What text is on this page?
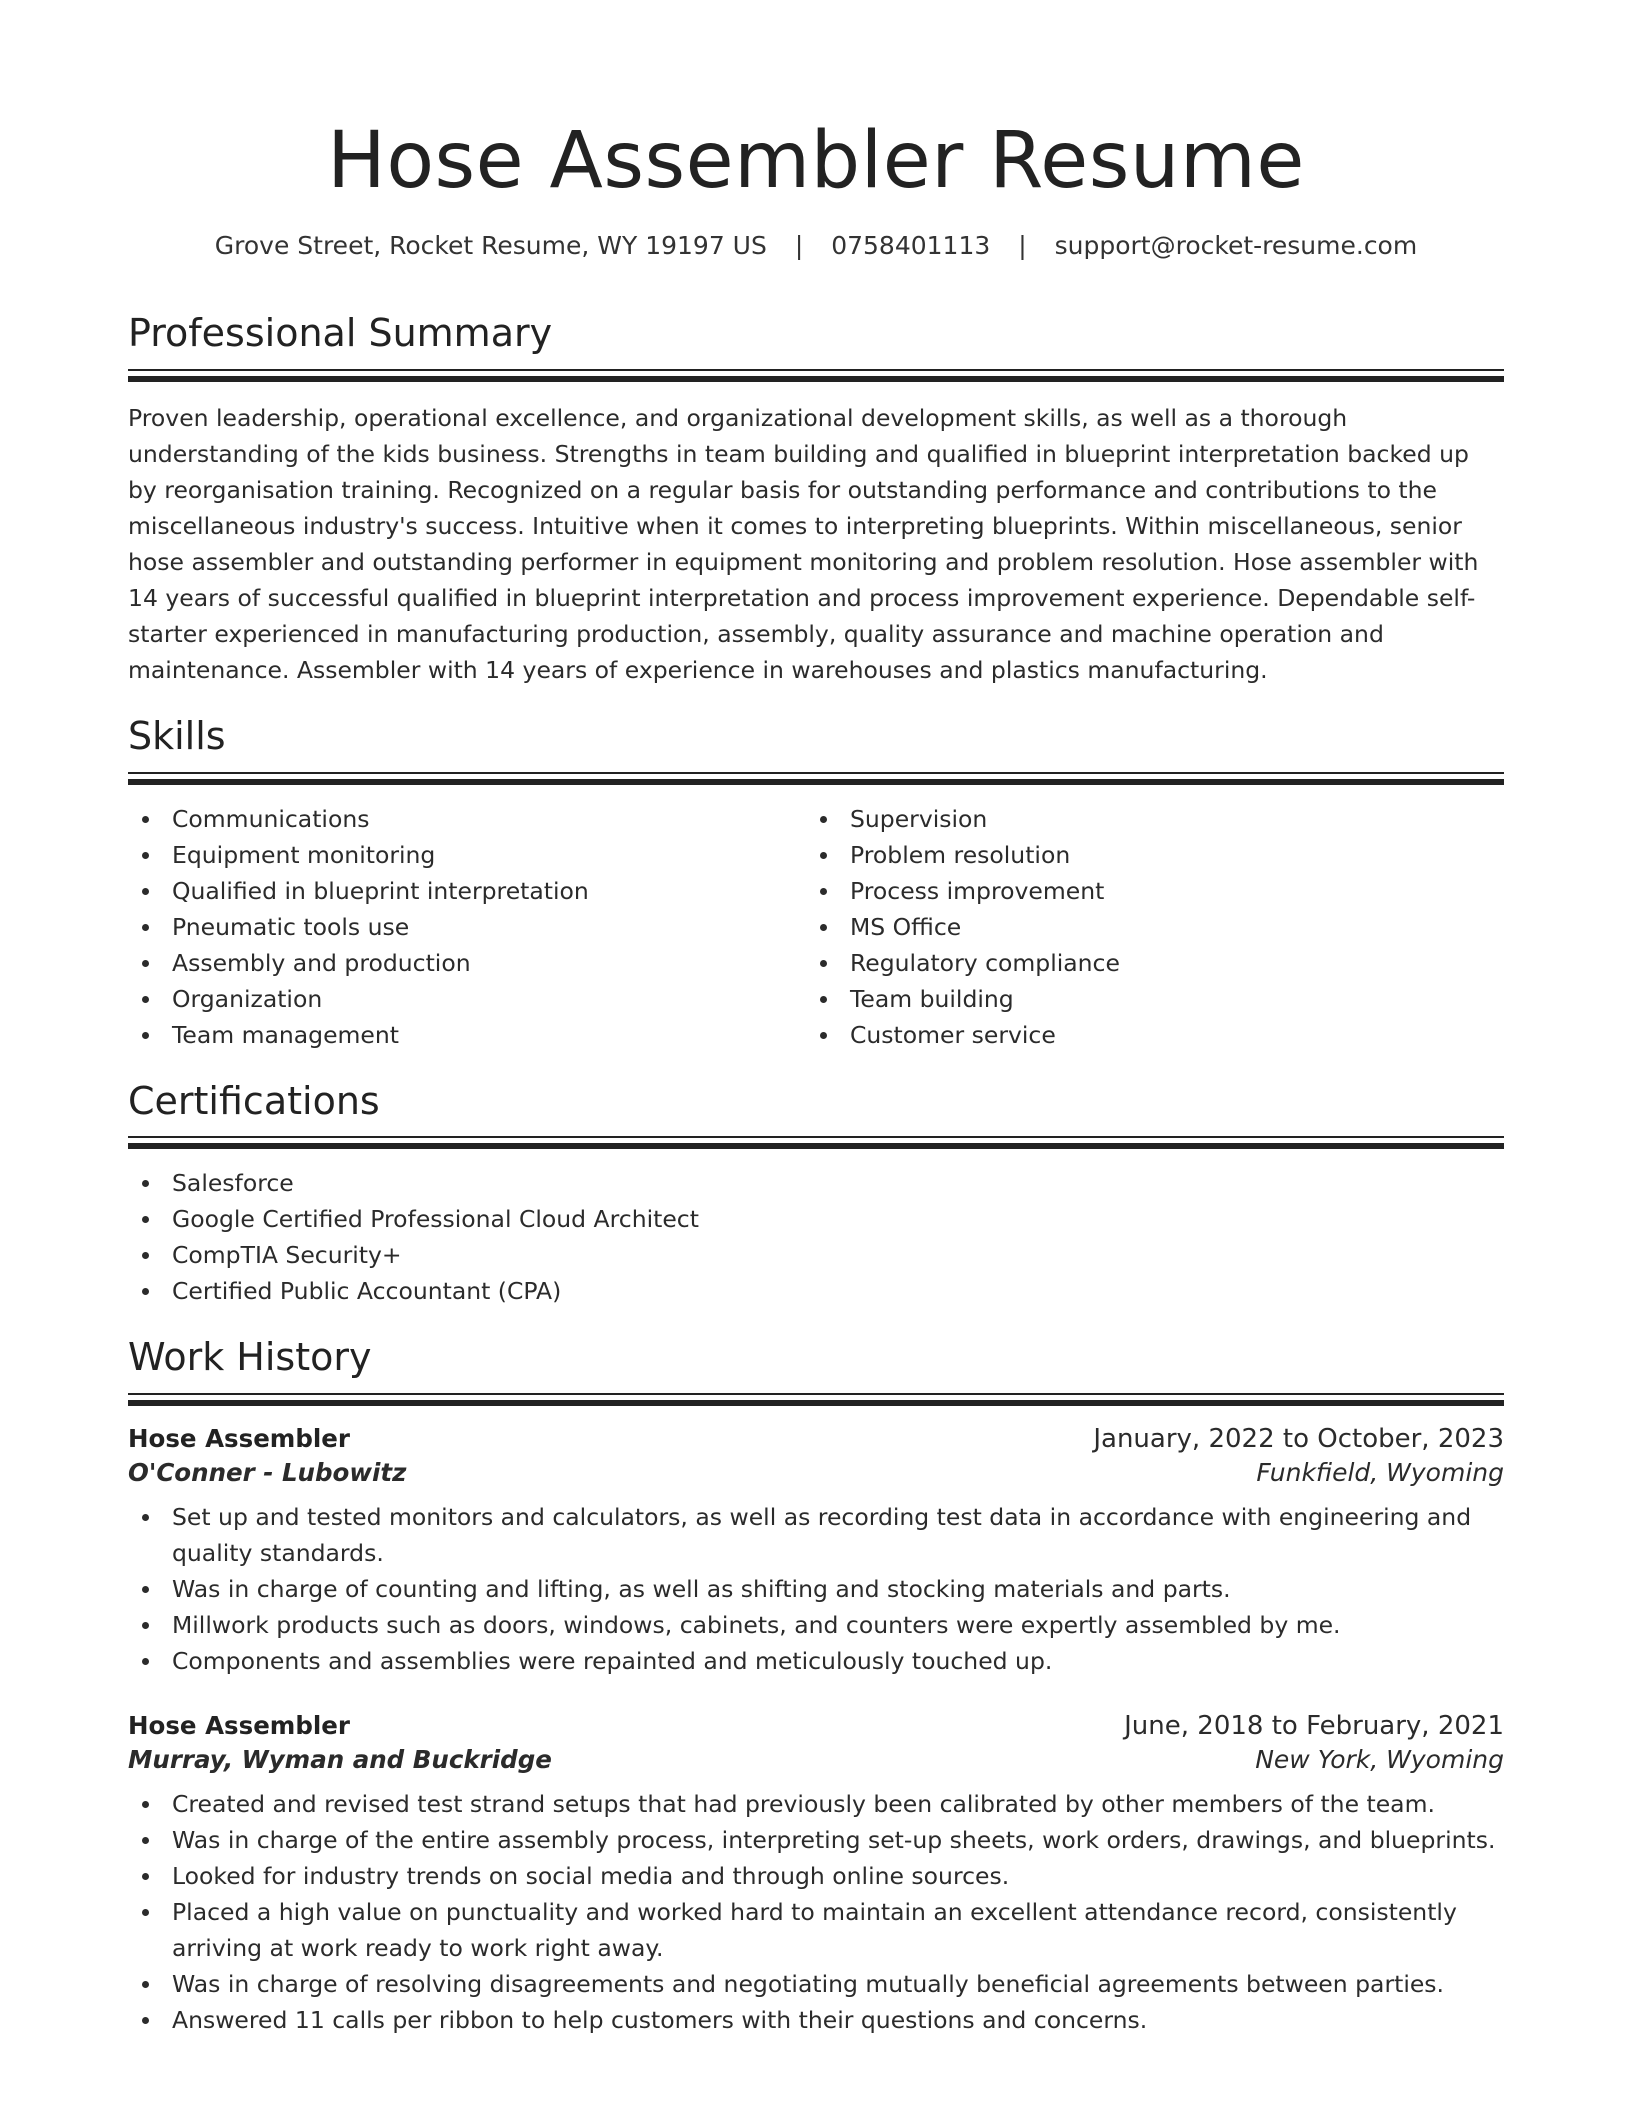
Hose Assembler Resume
Grove Street, Rocket Resume, WY 19197 US | 0758401113 | support@rocket-resume.com
Professional Summary

Proven leadership, operational excellence, and organizational development skills, as well as a thorough understanding of the kids business. Strengths in team building and qualified in blueprint interpretation backed up by reorganisation training. Recognized on a regular basis for outstanding performance and contributions to the miscellaneous industry's success. Intuitive when it comes to interpreting blueprints. Within miscellaneous, senior hose assembler and outstanding performer in equipment monitoring and problem resolution. Hose assembler with 14 years of successful qualified in blueprint interpretation and process improvement experience. Dependable self-starter experienced in manufacturing production, assembly, quality assurance and machine operation and maintenance. Assembler with 14 years of experience in warehouses and plastics manufacturing.

Skills
Communications
Equipment monitoring
Qualified in blueprint interpretation
Pneumatic tools use
Assembly and production
Organization
Team management
Supervision
Problem resolution
Process improvement
MS Office
Regulatory compliance
Team building
Customer service
Certifications
Salesforce
Google Certified Professional Cloud Architect
CompTIA Security+
Certified Public Accountant (CPA)
Work History
Hose Assembler	January, 2022 to October, 2023
O'Conner - Lubowitz	Funkfield, Wyoming
Set up and tested monitors and calculators, as well as recording test data in accordance with engineering and quality standards.
Was in charge of counting and lifting, as well as shifting and stocking materials and parts.
Millwork products such as doors, windows, cabinets, and counters were expertly assembled by me.
Components and assemblies were repainted and meticulously touched up.
Hose Assembler	June, 2018 to February, 2021
Murray, Wyman and Buckridge	New York, Wyoming
Created and revised test strand setups that had previously been calibrated by other members of the team.
Was in charge of the entire assembly process, interpreting set-up sheets, work orders, drawings, and blueprints.
Looked for industry trends on social media and through online sources.
Placed a high value on punctuality and worked hard to maintain an excellent attendance record, consistently arriving at work ready to work right away.
Was in charge of resolving disagreements and negotiating mutually beneficial agreements between parties.
Answered 11 calls per ribbon to help customers with their questions and concerns.
